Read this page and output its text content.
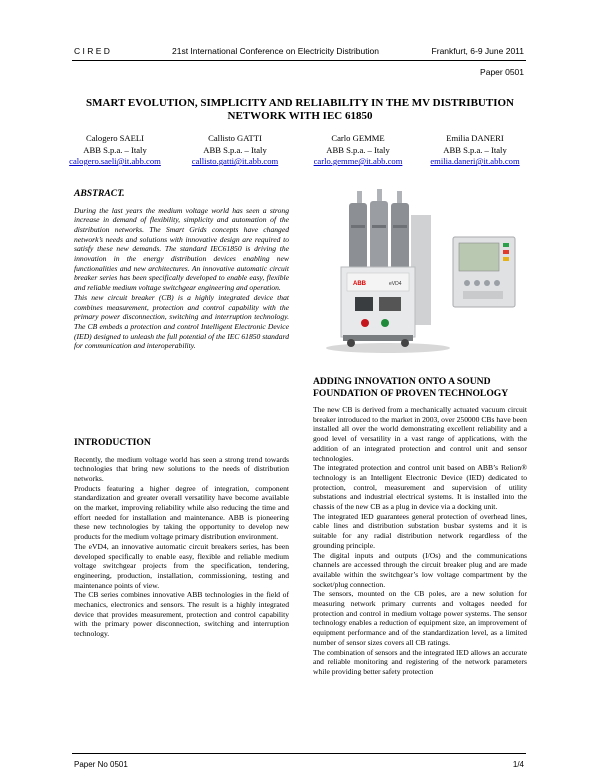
C I R E D	21st International Conference on Electricity Distribution	Frankfurt, 6-9 June 2011
Paper 0501
SMART EVOLUTION, SIMPLICITY AND RELIABILITY IN THE MV DISTRIBUTION
NETWORK WITH IEC 61850
Calogero SAELI
ABB S.p.a. – Italy
calogero.saeli@it.abb.com
Callisto GATTI
ABB S.p.a. – Italy
callisto.gatti@it.abb.com
Carlo GEMME
ABB S.p.a. – Italy
carlo.gemme@it.abb.com
Emilia DANERI
ABB S.p.a. – Italy
emilia.daneri@it.abb.com
ABSTRACT.

During the last years the medium voltage world has seen a strong increase in demand of flexibility, simplicity and automation of the distribution networks. The Smart Grids concepts have changed network’s needs and solutions with innovative design are required to satisfy these new demands. The standard IEC61850 is driving the innovation in the energy distribution devices enabling new functionalities and new architectures. An innovative automatic circuit breaker series has been specifically developed to enable easy, flexible and reliable medium voltage switchgear engineering and operation.

This new circuit breaker (CB) is a highly integrated device that combines measurement, protection and control capability with the primary power disconnection, switching and interruption technology. The CB embeds a protection and control Intelligent Electronic Device (IED) designed to unleash the full potential of the IEC 61850 standard for communication and interoperability.

INTRODUCTION

Recently, the medium voltage world has seen a strong trend towards technologies that bring new solutions to the needs of distribution networks.

Products featuring a higher degree of integration, component standardization and greater overall versatility have become available on the market, improving reliability while also reducing the time and effort needed for installation and maintenance. ABB is pioneering these new technologies by taking the opportunity to develop new products for the medium voltage primary distribution environment.

The eVD4, an innovative automatic circuit breakers series, has been developed specifically to enable easy, flexible and reliable medium voltage switchgear projects from the specification, tendering, engineering, production, installation, commissioning, testing and maintenance points of view.

The CB series combines innovative ABB technologies in the field of mechanics, electronics and sensors. The result is a highly integrated device that provides measurement, protection and control capability with the primary power disconnection, switching and interruption technology.

ABB	eVD4
ADDING INNOVATION ONTO A SOUND
FOUNDATION OF PROVEN TECHNOLOGY

The new CB is derived from a mechanically actuated vacuum circuit breaker introduced to the market in 2003, over 250000 CBs have been installed all over the world demonstrating excellent reliability and a good level of versatility in a vast range of applications, with the addition of an integrated protection and control unit and sensor technologies.

The integrated protection and control unit based on ABB’s Relion® technology is an Intelligent Electronic Device (IED) dedicated to protection, control, measurement and supervision of utility substations and industrial electrical systems. It is installed into the chassis of the new CB as a plug in device via a docking unit.

The integrated IED guarantees general protection of overhead lines, cable lines and distribution substation busbar systems and it is suitable for any radial distribution network regardless of the grounding principle.

The digital inputs and outputs (I/Os) and the communications channels are accessed through the circuit breaker plug and are made available within the switchgear’s low voltage compartment by the socket/plug connection.

The sensors, mounted on the CB poles, are a new solution for measuring network primary currents and voltages needed for protection and control in medium voltage power systems. The sensor technology enables a reduction of equipment size, an improvement of equipment performance and of the standardization level, as a limited number of sensor sizes covers all CB ratings.

The combination of sensors and the integrated IED allows an accurate and reliable monitoring and registering of the network parameters while providing better safety protection

Paper No 0501	1/4
